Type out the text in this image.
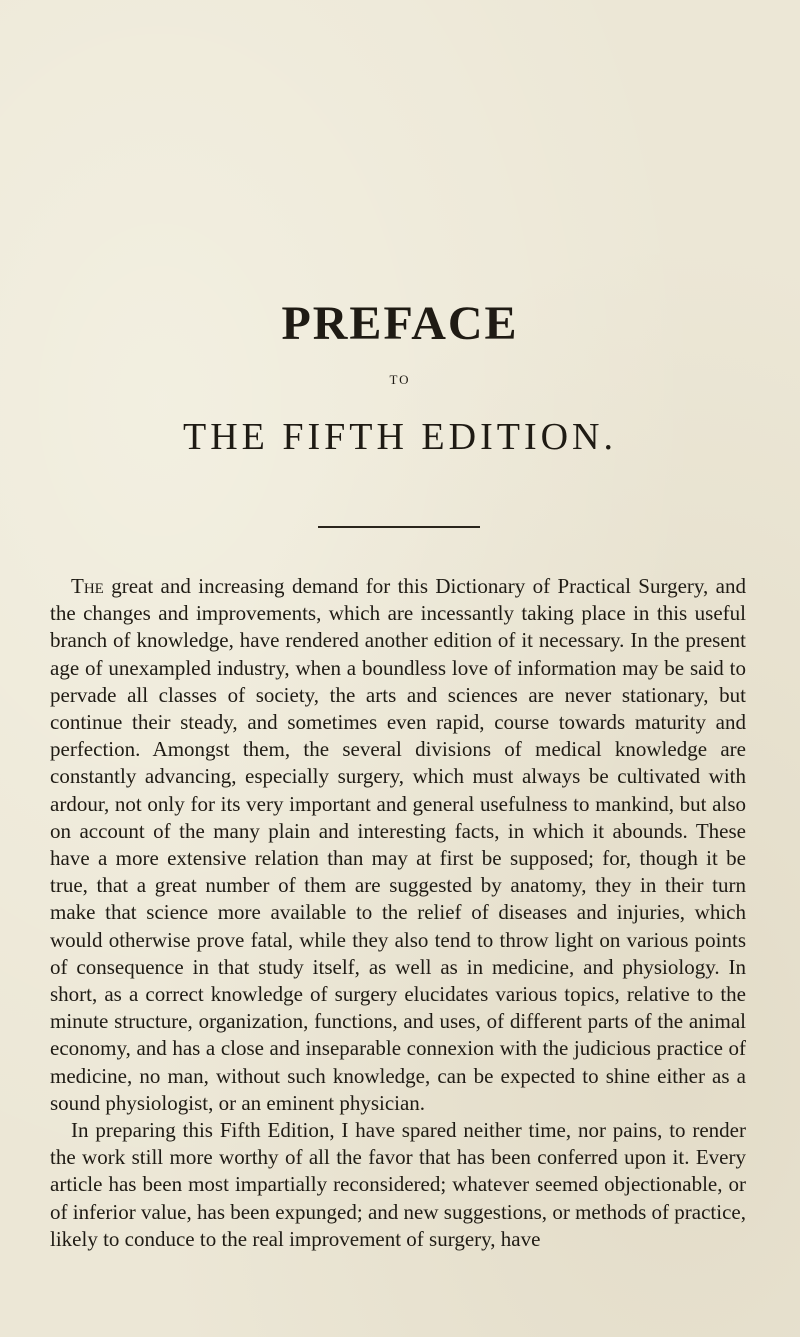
PREFACE
TO
THE FIFTH EDITION.

The great and increasing demand for this Dictionary of Practical Surgery, and the changes and improvements, which are incessantly taking place in this useful branch of knowledge, have rendered another edition of it necessary. In the present age of unexampled industry, when a boundless love of information may be said to pervade all classes of society, the arts and sciences are never stationary, but continue their steady, and sometimes even rapid, course towards maturity and perfection. Amongst them, the several divisions of medical knowledge are constantly advancing, especially surgery, which must always be cultivated with ardour, not only for its very important and general usefulness to mankind, but also on account of the many plain and interesting facts, in which it abounds. These have a more extensive relation than may at first be supposed; for, though it be true, that a great number of them are suggested by anatomy, they in their turn make that science more available to the relief of diseases and injuries, which would otherwise prove fatal, while they also tend to throw light on various points of consequence in that study itself, as well as in medicine, and physiology. In short, as a correct knowledge of surgery elucidates various topics, relative to the minute structure, organization, functions, and uses, of different parts of the animal economy, and has a close and inseparable connexion with the judicious practice of medicine, no man, without such knowledge, can be expected to shine either as a sound physiologist, or an eminent physician.

In preparing this Fifth Edition, I have spared neither time, nor pains, to render the work still more worthy of all the favor that has been conferred upon it. Every article has been most impartially reconsidered; whatever seemed objectionable, or of inferior value, has been expunged; and new suggestions, or methods of practice, likely to conduce to the real improvement of surgery, have
